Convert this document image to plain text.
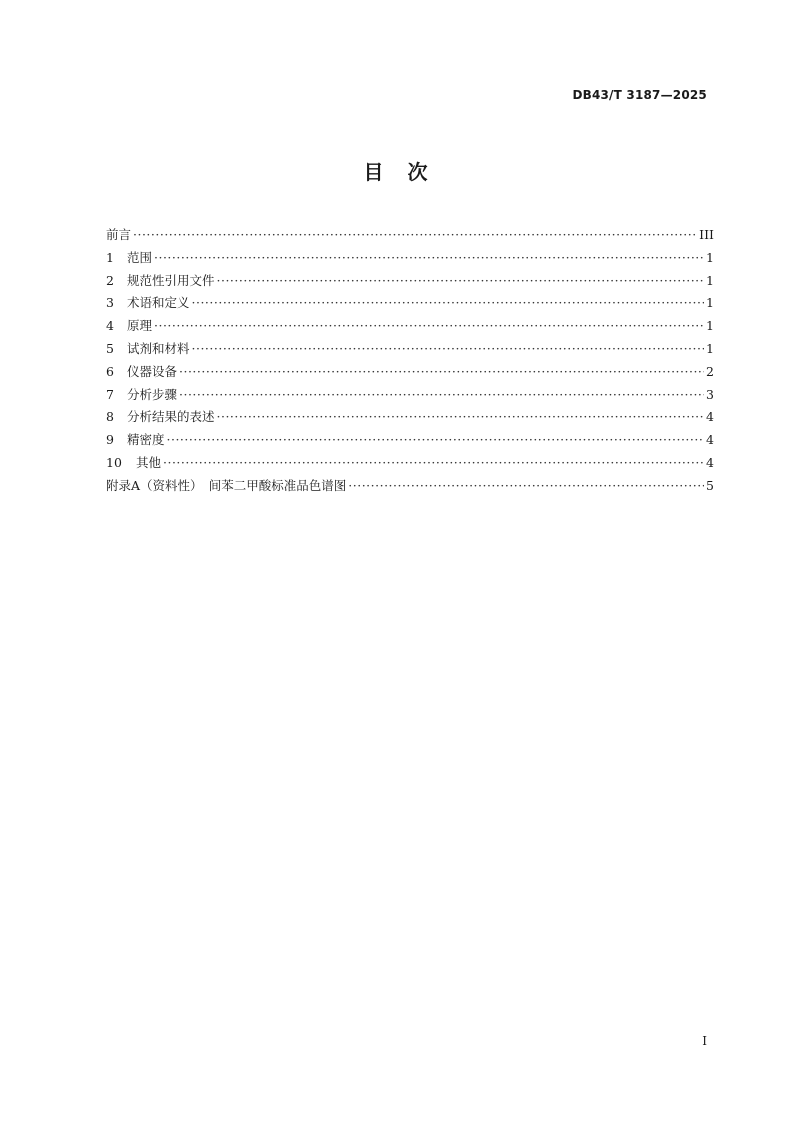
DB43/T 3187—2025
目　次
前言 ·····	III
1	范围 ·····	1
2	规范性引用文件 ·····	1
3	术语和定义 ·····	1
4	原理 ·····	1
5	试剂和材料 ·····	1
6	仪器设备 ·····	2
7	分析步骤 ·····	3
8	分析结果的表述 ·····	4
9	精密度 ·····	4
10	其他 ·····	4
附录A（资料性）　间苯二甲酸标准品色谱图 ·····	5
I
